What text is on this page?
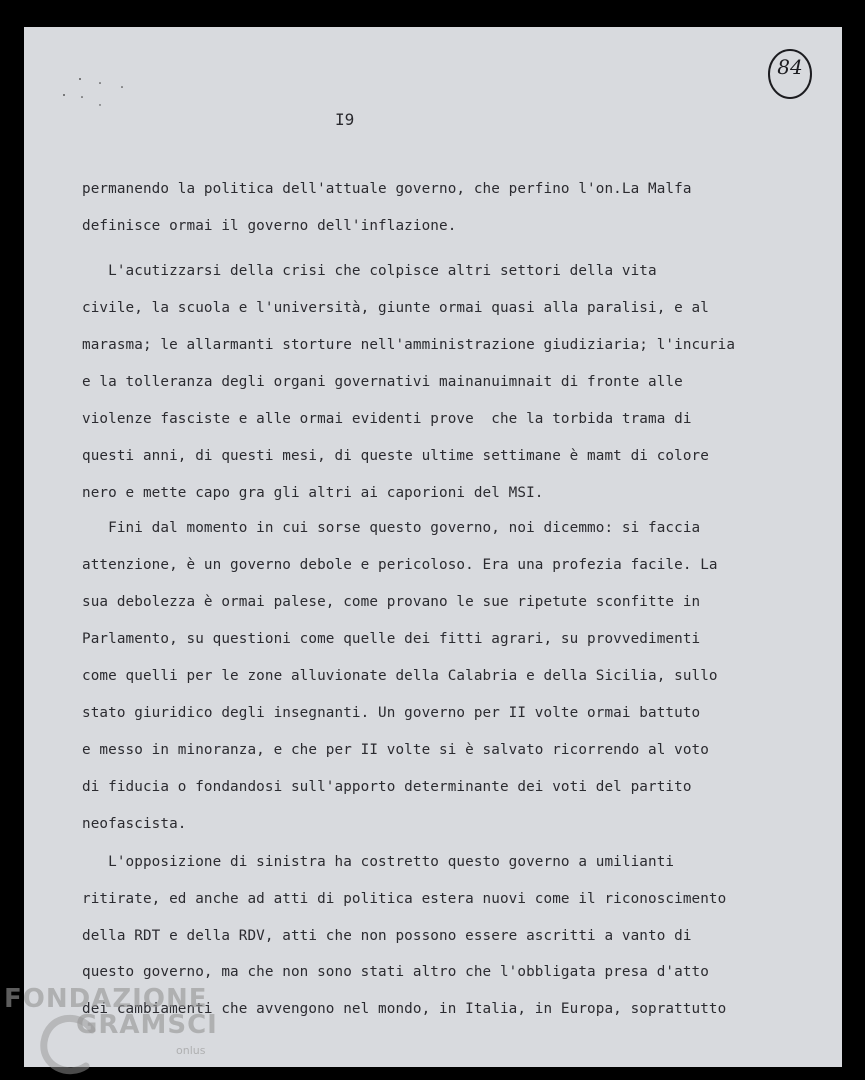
I9
84
permanendo la politica dell'attuale governo, che perfino l'on.La Malfa
definisce ormai il governo dell'inflazione.
L'acutizzarsi della crisi che colpisce altri settori della vita
civile, la scuola e l'università, giunte ormai quasi alla paralisi, e al
marasma; le allarmanti storture nell'amministrazione giudiziaria; l'incuria
e la tolleranza degli organi governativi mainanuimnait di fronte alle
violenze fasciste e alle ormai evidenti prove  che la torbida trama di
questi anni, di questi mesi, di queste ultime settimane è mamt di colore
nero e mette capo gra gli altri ai caporioni del MSI.
Fini dal momento in cui sorse questo governo, noi dicemmo: si faccia
attenzione, è un governo debole e pericoloso. Era una profezia facile. La
sua debolezza è ormai palese, come provano le sue ripetute sconfitte in
Parlamento, su questioni come quelle dei fitti agrari, su provvedimenti
come quelli per le zone alluvionate della Calabria e della Sicilia, sullo
stato giuridico degli insegnanti. Un governo per II volte ormai battuto
e messo in minoranza, e che per II volte si è salvato ricorrendo al voto
di fiducia o fondandosi sull'apporto determinante dei voti del partito
neofascista.
L'opposizione di sinistra ha costretto questo governo a umilianti
ritirate, ed anche ad atti di politica estera nuovi come il riconoscimento
della RDT e della RDV, atti che non possono essere ascritti a vanto di
questo governo, ma che non sono stati altro che l'obbligata presa d'atto
dei cambiamenti che avvengono nel mondo, in Italia, in Europa, soprattutto
FONDAZIONE
GRAMSCI
onlus
